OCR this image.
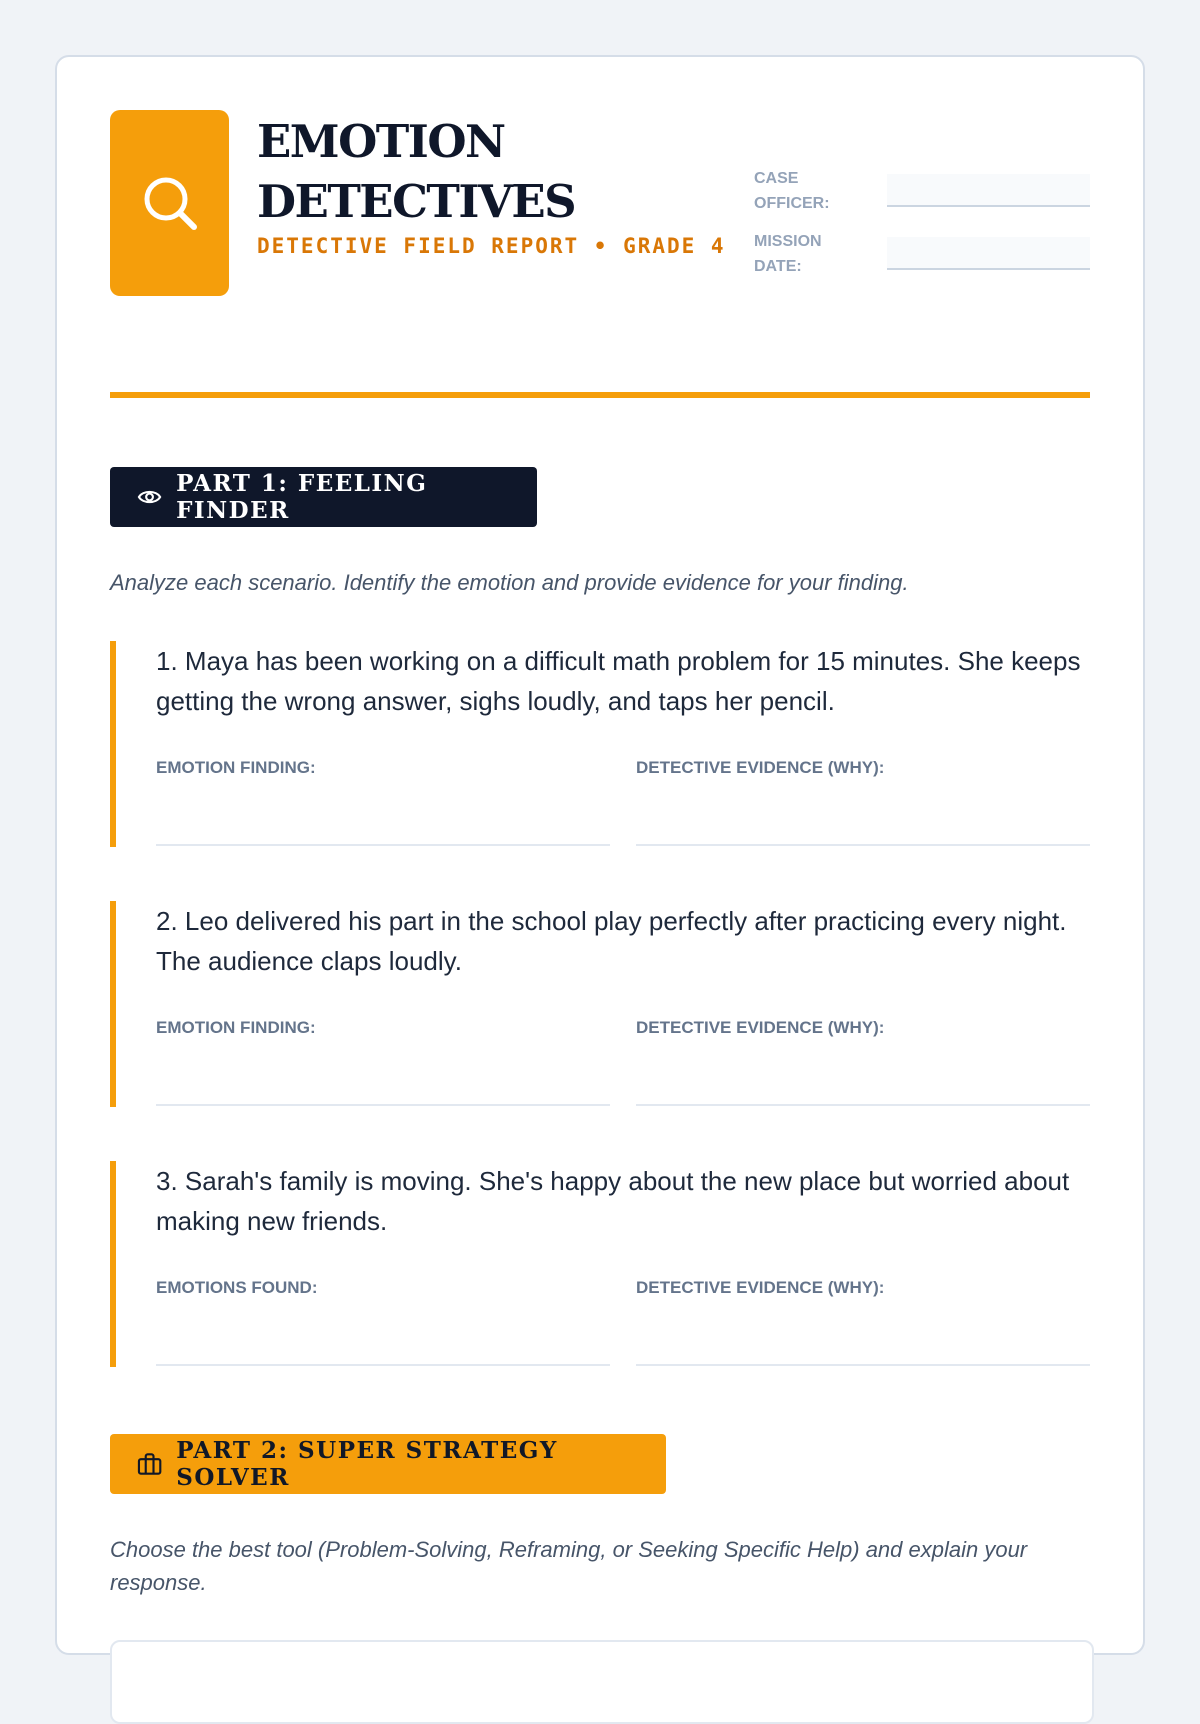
EMOTION DETECTIVES
DETECTIVE FIELD REPORT • GRADE 4
CASE OFFICER:
MISSION DATE:
PART 1: FEELING FINDER

Analyze each scenario. Identify the emotion and provide evidence for your finding.

1. Maya has been working on a difficult math problem for 15 minutes. She keeps getting the wrong answer, sighs loudly, and taps her pencil.

EMOTION FINDING:	DETECTIVE EVIDENCE (WHY):

2. Leo delivered his part in the school play perfectly after practicing every night. The audience claps loudly.

EMOTION FINDING:	DETECTIVE EVIDENCE (WHY):

3. Sarah's family is moving. She's happy about the new place but worried about making new friends.

EMOTIONS FOUND:	DETECTIVE EVIDENCE (WHY):
PART 2: SUPER STRATEGY SOLVER

Choose the best tool (Problem-Solving, Reframing, or Seeking Specific Help) and explain your response.
